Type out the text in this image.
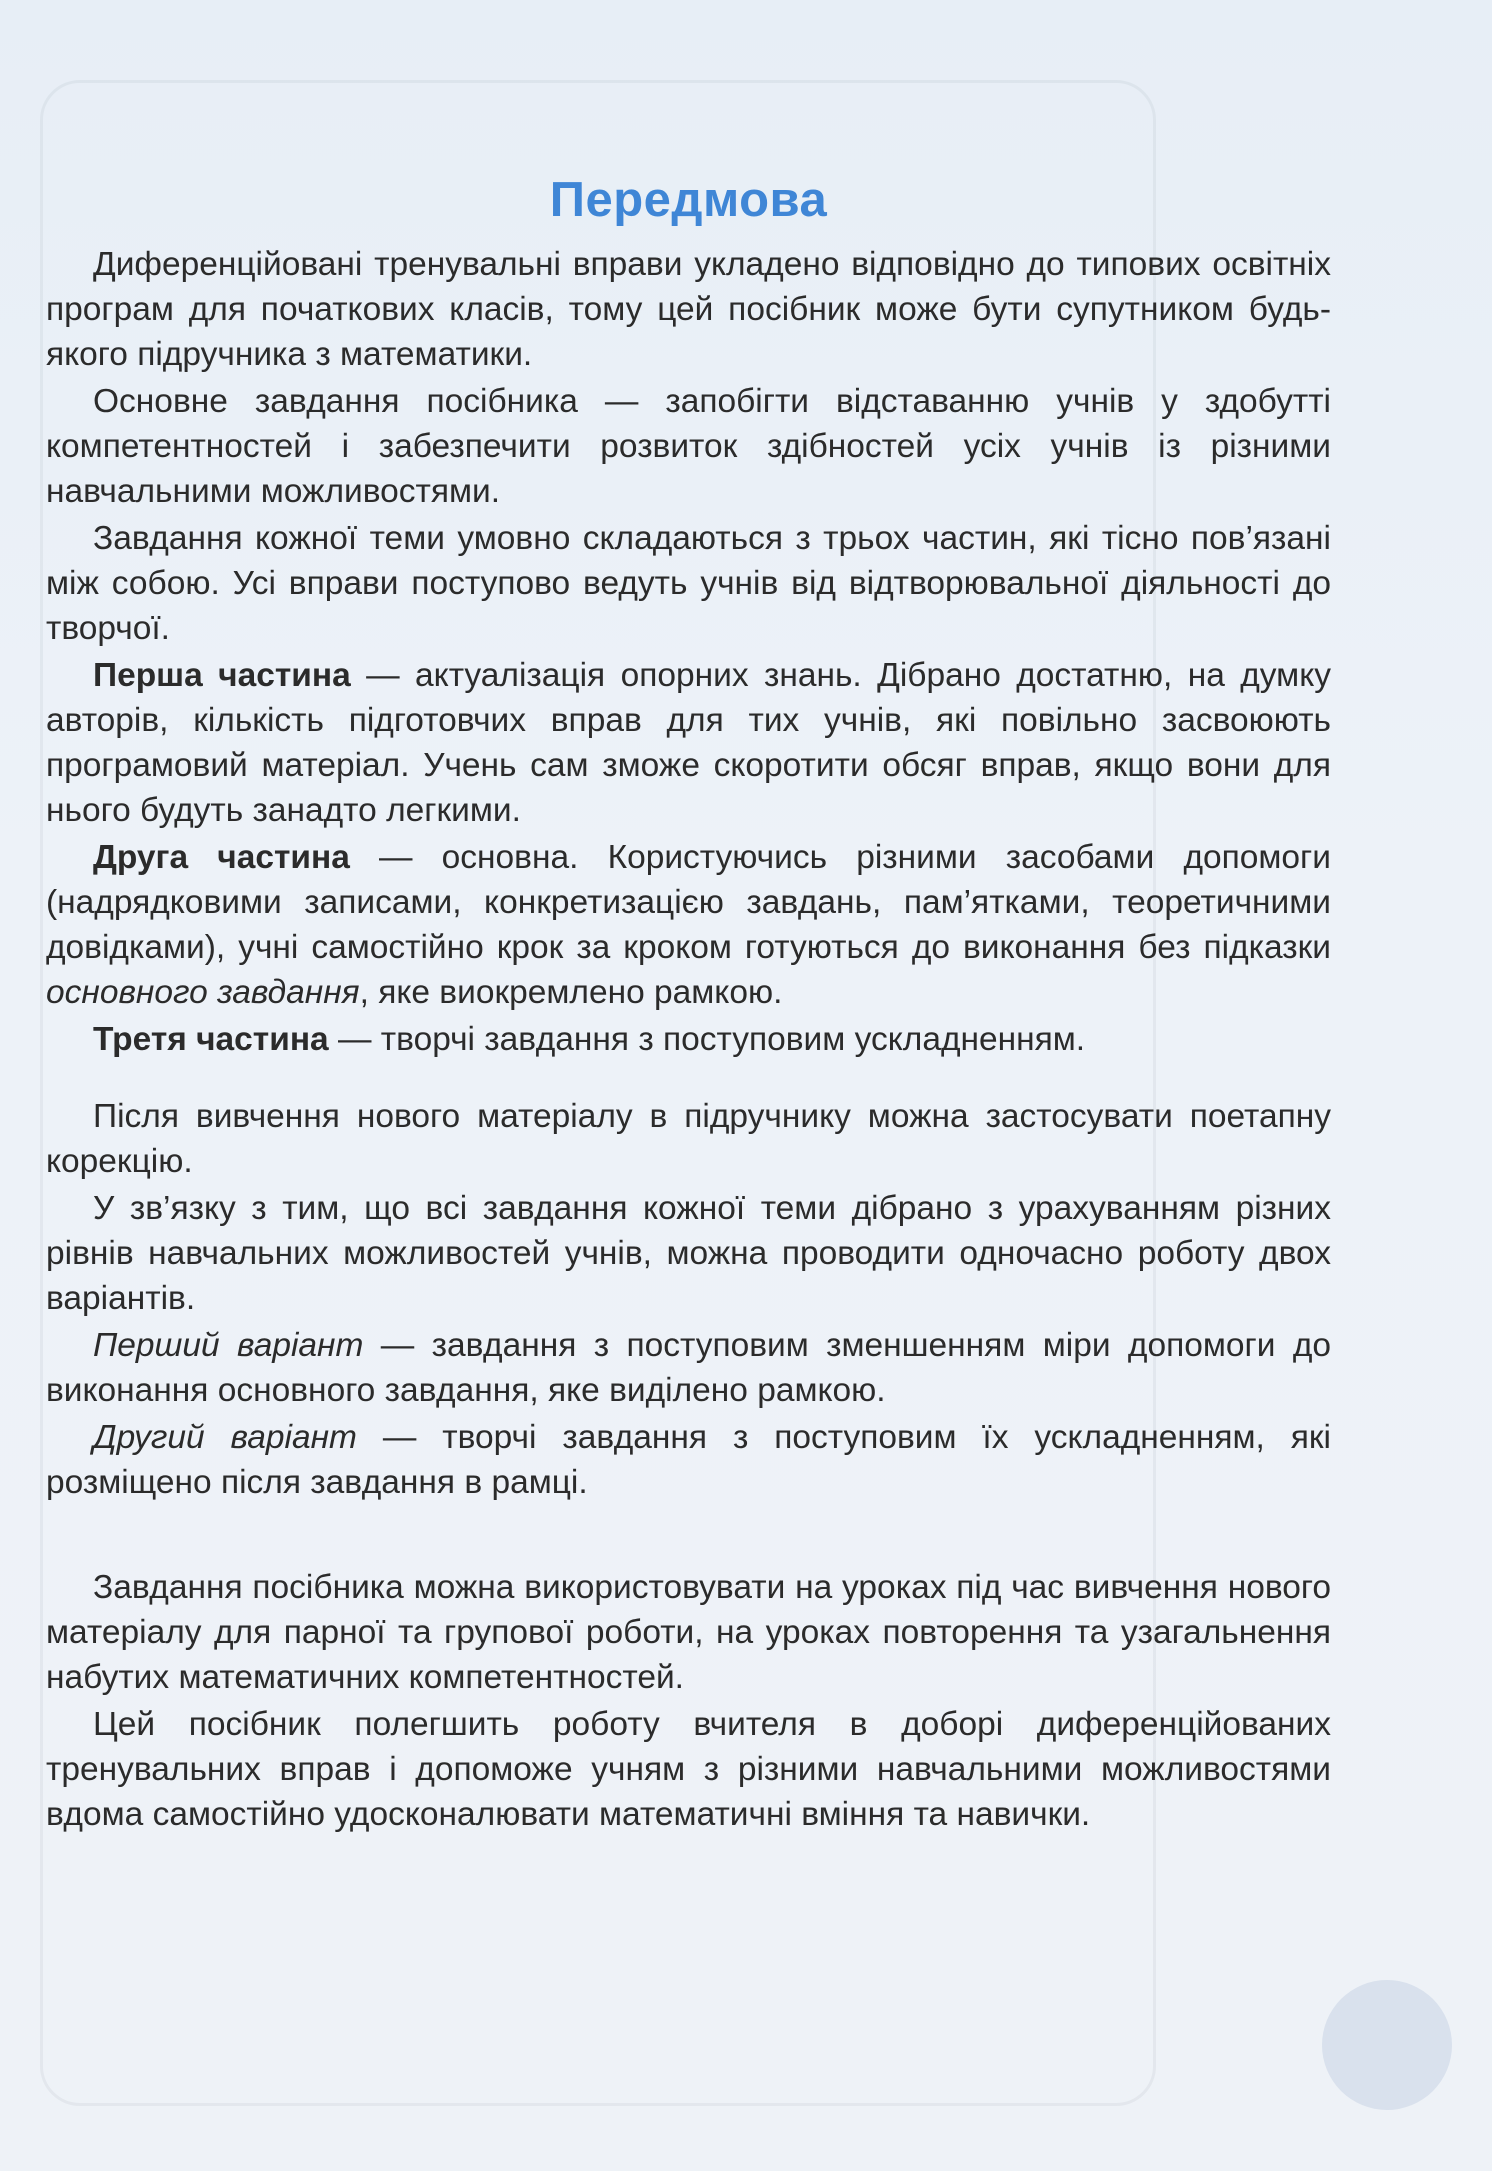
Передмова

Диференційовані тренувальні вправи укладено відповідно до типових освітніх програм для початкових класів, тому цей посібник може бути супутником будь-якого підручника з математики.

Основне завдання посібника — запобігти відставанню учнів у здобутті компетентностей і забезпечити розвиток здібностей усіх учнів із різними навчальними можливостями.

Завдання кожної теми умовно складаються з трьох частин, які тісно пов’язані між собою. Усі вправи поступово ведуть учнів від відтворювальної діяльності до творчої.

Перша частина — актуалізація опорних знань. Дібрано достатню, на думку авторів, кількість підготовчих вправ для тих учнів, які повільно засвоюють програмовий матеріал. Учень сам зможе скоротити обсяг вправ, якщо вони для нього будуть занадто легкими.

Друга частина — основна. Користуючись різними засобами допомоги (надрядковими записами, конкретизацією завдань, пам’ятками, теоретичними довідками), учні самостійно крок за кроком готуються до виконання без підказки основного завдання, яке виокремлено рамкою.

Третя частина — творчі завдання з поступовим ускладненням.

Після вивчення нового матеріалу в підручнику можна застосувати поетапну корекцію.

У зв’язку з тим, що всі завдання кожної теми дібрано з урахуванням різних рівнів навчальних можливостей учнів, можна проводити одночасно роботу двох варіантів.

Перший варіант — завдання з поступовим зменшенням міри допомоги до виконання основного завдання, яке виділено рамкою.

Другий варіант — творчі завдання з поступовим їх ускладненням, які розміщено після завдання в рамці.

Завдання посібника можна використовувати на уроках під час вивчення нового матеріалу для парної та групової роботи, на уроках повторення та узагальнення набутих математичних компетентностей.

Цей посібник полегшить роботу вчителя в доборі диференційованих тренувальних вправ і допоможе учням з різними навчальними можливостями вдома самостійно удосконалювати математичні вміння та навички.
